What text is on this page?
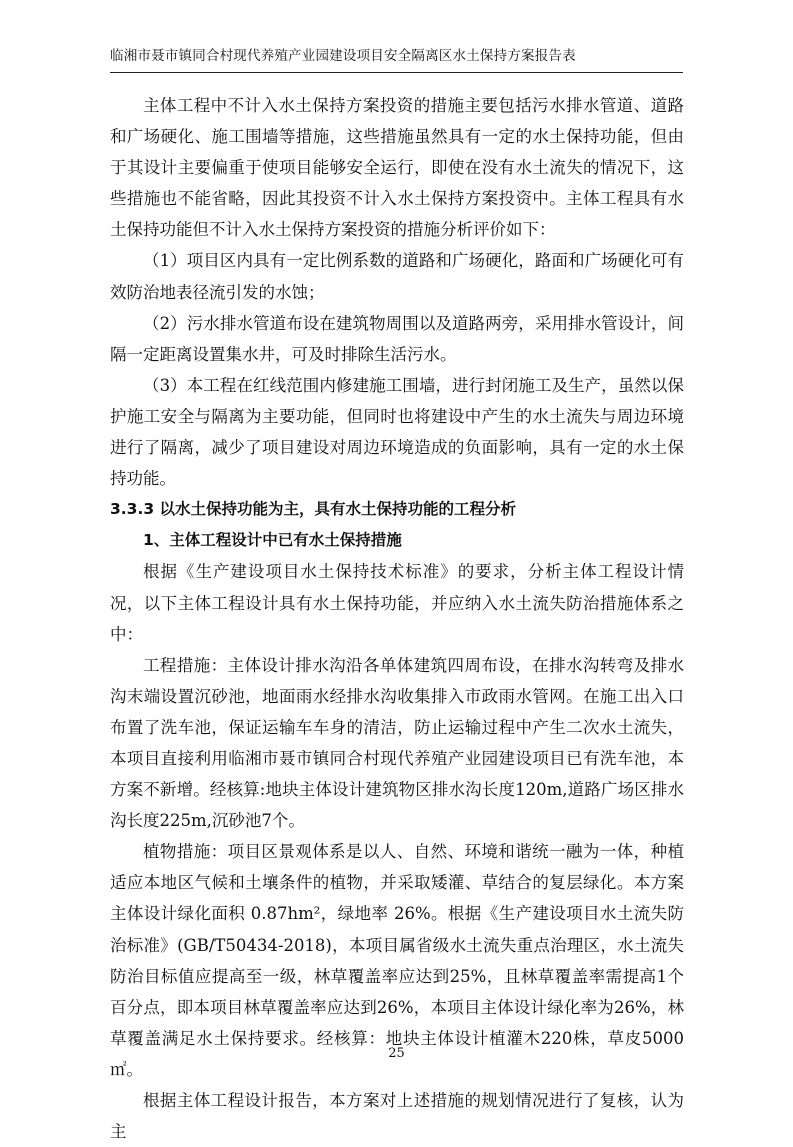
临湘市聂市镇同合村现代养殖产业园建设项目安全隔离区水土保持方案报告表

主体工程中不计入水土保持方案投资的措施主要包括污水排水管道、道路和广场硬化、施工围墙等措施，这些措施虽然具有一定的水土保持功能，但由于其设计主要偏重于使项目能够安全运行，即使在没有水土流失的情况下，这些措施也不能省略，因此其投资不计入水土保持方案投资中。主体工程具有水土保持功能但不计入水土保持方案投资的措施分析评价如下：

（1）项目区内具有一定比例系数的道路和广场硬化，路面和广场硬化可有效防治地表径流引发的水蚀；

（2）污水排水管道布设在建筑物周围以及道路两旁，采用排水管设计，间隔一定距离设置集水井，可及时排除生活污水。

（3）本工程在红线范围内修建施工围墙，进行封闭施工及生产，虽然以保护施工安全与隔离为主要功能，但同时也将建设中产生的水土流失与周边环境进行了隔离，减少了项目建设对周边环境造成的负面影响，具有一定的水土保持功能。

3.3.3 以水土保持功能为主，具有水土保持功能的工程分析

1、主体工程设计中已有水土保持措施

根据《生产建设项目水土保持技术标准》的要求，分析主体工程设计情况，以下主体工程设计具有水土保持功能，并应纳入水土流失防治措施体系之中：

工程措施：主体设计排水沟沿各单体建筑四周布设，在排水沟转弯及排水沟末端设置沉砂池，地面雨水经排水沟收集排入市政雨水管网。在施工出入口布置了洗车池，保证运输车车身的清洁，防止运输过程中产生二次水土流失，本项目直接利用临湘市聂市镇同合村现代养殖产业园建设项目已有洗车池，本方案不新增。经核算:地块主体设计建筑物区排水沟长度120m,道路广场区排水沟长度225m,沉砂池7个。

植物措施：项目区景观体系是以人、自然、环境和谐统一融为一体，种植适应本地区气候和土壤条件的植物，并采取矮灌、草结合的复层绿化。本方案主体设计绿化面积 0.87hm²，绿地率 26%。根据《生产建设项目水土流失防治标准》(GB/T50434-2018)，本项目属省级水土流失重点治理区，水土流失防治目标值应提高至一级，林草覆盖率应达到25%，且林草覆盖率需提高1个百分点，即本项目林草覆盖率应达到26%，本项目主体设计绿化率为26%，林草覆盖满足水土保持要求。经核算：地块主体设计植灌木220株，草皮5000㎡。

根据主体工程设计报告，本方案对上述措施的规划情况进行了复核，认为主

25
